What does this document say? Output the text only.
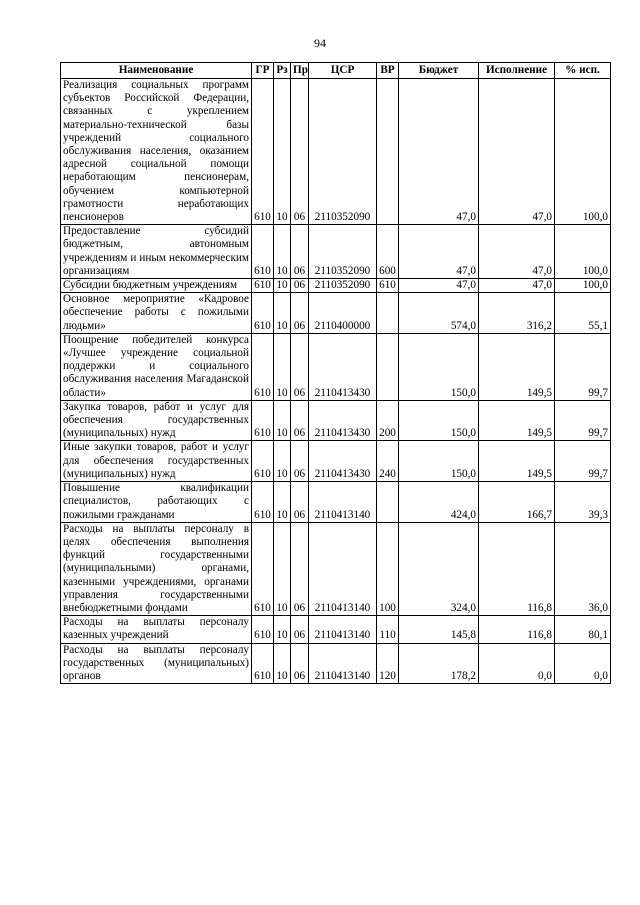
94
Наименование	ГР	Рз	Пр	ЦСР	ВР	Бюджет	Исполнение	% исп.
Реализация социальных программ субъектов Российской Федерации, связанных с укреплением материально-технической базы учреждений социального обслуживания населения, оказанием адресной социальной помощи неработающим пенсионерам, обучением компьютерной грамотности неработающих пенсионеров	610	10	06	2110352090		47,0	47,0	100,0
Предоставление субсидий бюджетным, автономным учреждениям и иным некоммерческим организациям	610	10	06	2110352090	600	47,0	47,0	100,0
Субсидии бюджетным учреждениям	610	10	06	2110352090	610	47,0	47,0	100,0
Основное мероприятие «Кадровое обеспечение работы с пожилыми людьми»	610	10	06	2110400000		574,0	316,2	55,1
Поощрение победителей конкурса «Лучшее учреждение социальной поддержки и социального обслуживания населения Магаданской области»	610	10	06	2110413430		150,0	149,5	99,7
Закупка товаров, работ и услуг для обеспечения государственных (муниципальных) нужд	610	10	06	2110413430	200	150,0	149,5	99,7
Иные закупки товаров, работ и услуг для обеспечения государственных (муниципальных) нужд	610	10	06	2110413430	240	150,0	149,5	99,7
Повышение квалификации специалистов, работающих с пожилыми гражданами	610	10	06	2110413140		424,0	166,7	39,3
Расходы на выплаты персоналу в целях обеспечения выполнения функций государственными (муниципальными) органами, казенными учреждениями, органами управления государственными внебюджетными фондами	610	10	06	2110413140	100	324,0	116,8	36,0
Расходы на выплаты персоналу казенных учреждений	610	10	06	2110413140	110	145,8	116,8	80,1
Расходы на выплаты персоналу государственных (муниципальных) органов	610	10	06	2110413140	120	178,2	0,0	0,0
